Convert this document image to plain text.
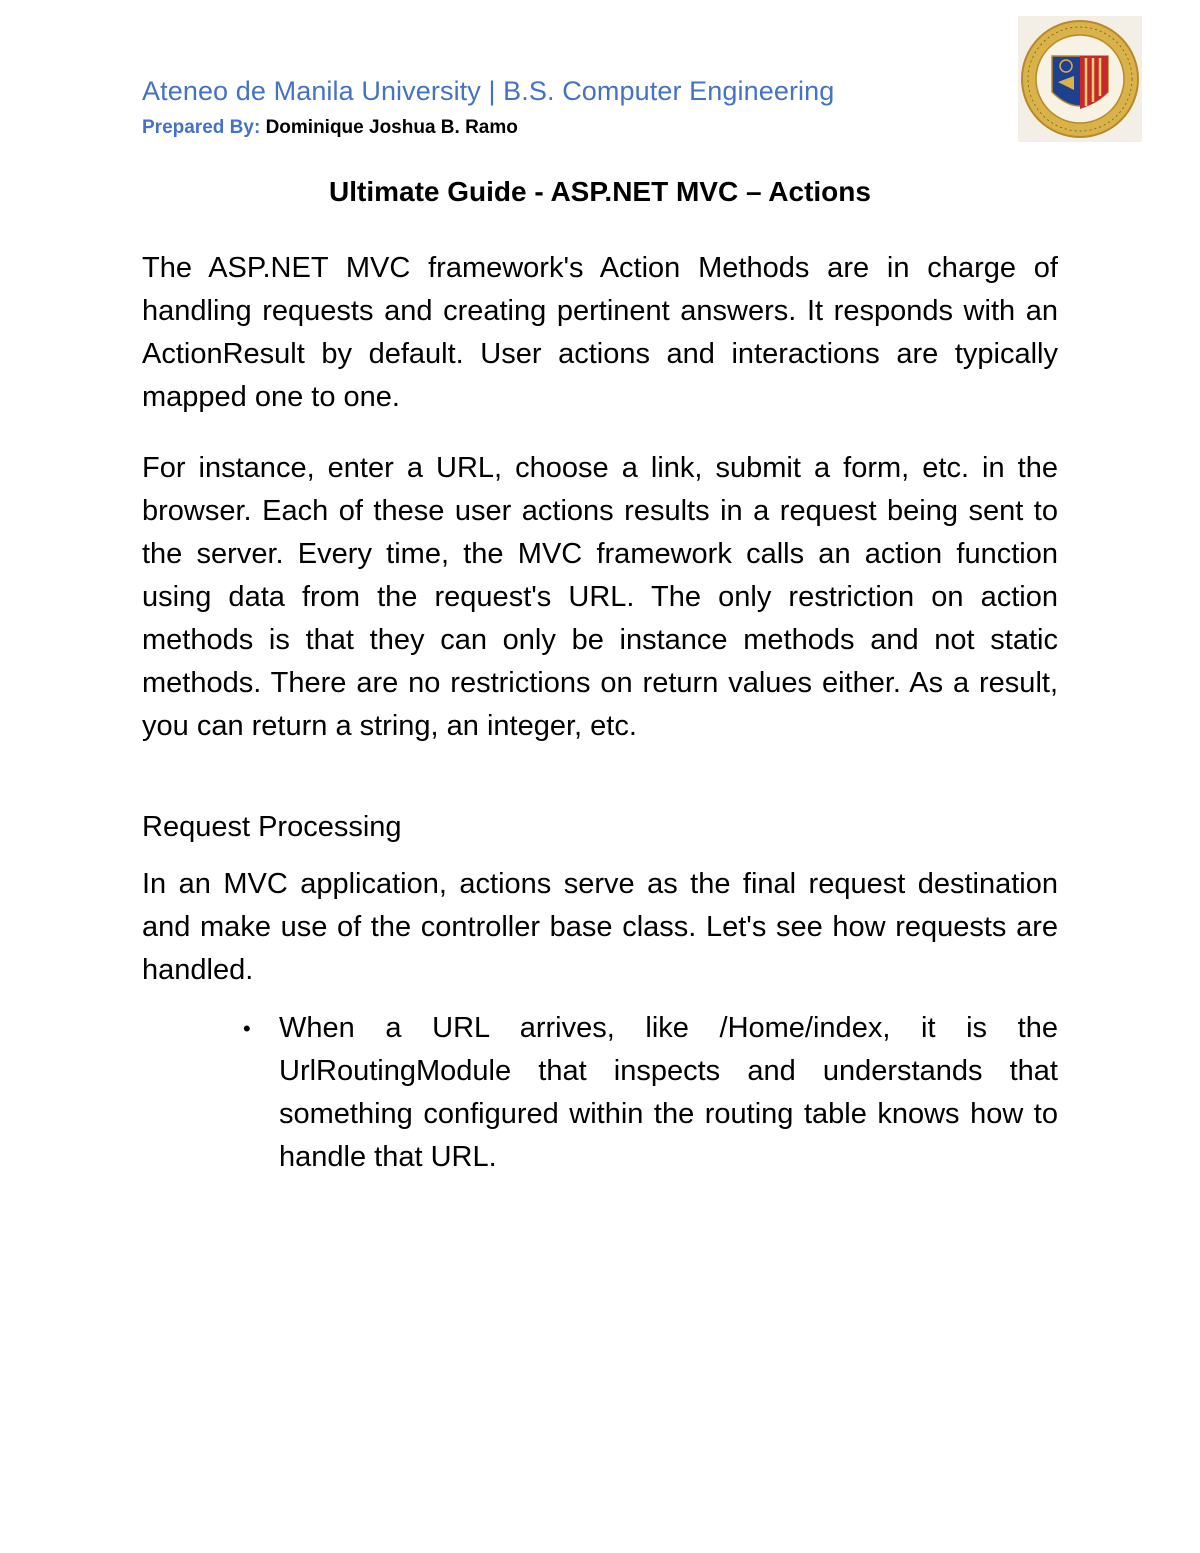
Ateneo de Manila University | B.S. Computer Engineering
Prepared By: Dominique Joshua B. Ramo
Ultimate Guide - ASP.NET MVC – Actions

The ASP.NET MVC framework's Action Methods are in charge of handling requests and creating pertinent answers. It responds with an ActionResult by default. User actions and interactions are typically mapped one to one.

For instance, enter a URL, choose a link, submit a form, etc. in the browser. Each of these user actions results in a request being sent to the server. Every time, the MVC framework calls an action function using data from the request's URL. The only restriction on action methods is that they can only be instance methods and not static methods. There are no restrictions on return values either. As a result, you can return a string, an integer, etc.

Request Processing

In an MVC application, actions serve as the final request destination and make use of the controller base class. Let's see how requests are handled.

• When a URL arrives, like /Home/index, it is the UrlRoutingModule that inspects and understands that something configured within the routing table knows how to handle that URL.
